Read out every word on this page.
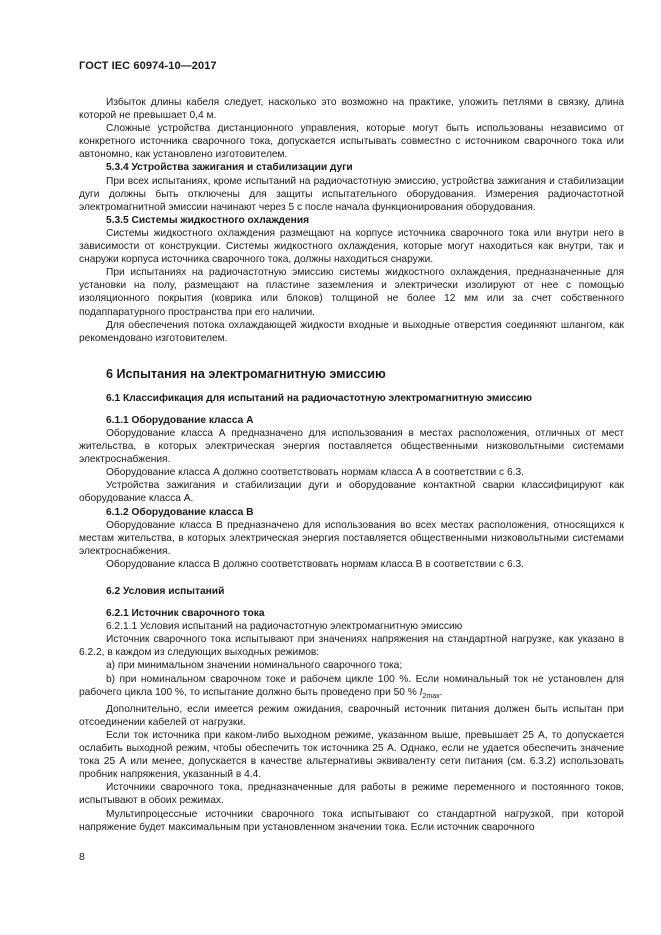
ГОСТ IEC 60974-10—2017

Избыток длины кабеля следует, насколько это возможно на практике, уложить петлями в связку, длина которой не превышает 0,4 м.

Сложные устройства дистанционного управления, которые могут быть использованы независимо от конкретного источника сварочного тока, допускается испытывать совместно с источником сварочного тока или автономно, как установлено изготовителем.

5.3.4 Устройства зажигания и стабилизации дуги

При всех испытаниях, кроме испытаний на радиочастотную эмиссию, устройства зажигания и стабилизации дуги должны быть отключены для защиты испытательного оборудования. Измерения радиочастотной электромагнитной эмиссии начинают через 5 с после начала функционирования оборудования.

5.3.5 Системы жидкостного охлаждения

Системы жидкостного охлаждения размещают на корпусе источника сварочного тока или внутри него в зависимости от конструкции. Системы жидкостного охлаждения, которые могут находиться как внутри, так и снаружи корпуса источника сварочного тока, должны находиться снаружи.

При испытаниях на радиочастотную эмиссию системы жидкостного охлаждения, предназначенные для установки на полу, размещают на пластине заземления и электрически изолируют от нее с помощью изоляционного покрытия (коврика или блоков) толщиной не более 12 мм или за счет собственного подаппаратурного пространства при его наличии.

Для обеспечения потока охлаждающей жидкости входные и выходные отверстия соединяют шлангом, как рекомендовано изготовителем.

6 Испытания на электромагнитную эмиссию

6.1 Классификация для испытаний на радиочастотную электромагнитную эмиссию

6.1.1 Оборудование класса А

Оборудование класса А предназначено для использования в местах расположения, отличных от мест жительства, в которых электрическая энергия поставляется общественными низковольтными системами электроснабжения.

Оборудование класса А должно соответствовать нормам класса А в соответствии с 6.3.

Устройства зажигания и стабилизации дуги и оборудование контактной сварки классифицируют как оборудование класса А.

6.1.2 Оборудование класса В

Оборудование класса В предназначено для использования во всех местах расположения, относящихся к местам жительства, в которых электрическая энергия поставляется общественными низковольтными системами электроснабжения.

Оборудование класса В должно соответствовать нормам класса В в соответствии с 6.3.

6.2 Условия испытаний

6.2.1 Источник сварочного тока

6.2.1.1 Условия испытаний на радиочастотную электромагнитную эмиссию

Источник сварочного тока испытывают при значениях напряжения на стандартной нагрузке, как указано в 6.2.2, в каждом из следующих выходных режимов:

a) при минимальном значении номинального сварочного тока;

b) при номинальном сварочном токе и рабочем цикле 100 %. Если номинальный ток не установлен для рабочего цикла 100 %, то испытание должно быть проведено при 50 % $I_{2max}$.

Дополнительно, если имеется режим ожидания, сварочный источник питания должен быть испытан при отсоединении кабелей от нагрузки.

Если ток источника при каком-либо выходном режиме, указанном выше, превышает 25 А, то допускается ослабить выходной режим, чтобы обеспечить ток источника 25 А. Однако, если не удается обеспечить значение тока 25 А или менее, допускается в качестве альтернативы эквиваленту сети питания (см. 6.3.2) использовать пробник напряжения, указанный в 4.4.

Источники сварочного тока, предназначенные для работы в режиме переменного и постоянного токов, испытывают в обоих режимах.

Мультипроцессные источники сварочного тока испытывают со стандартной нагрузкой, при которой напряжение будет максимальным при установленном значении тока. Если источник сварочного

8
